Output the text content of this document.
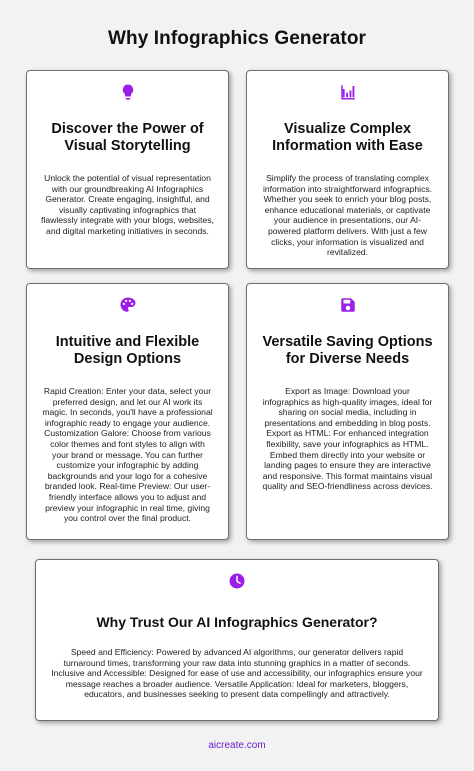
Why Infographics Generator
Discover the Power of Visual Storytelling

Unlock the potential of visual representation with our groundbreaking AI Infographics Generator. Create engaging, insightful, and visually captivating infographics that flawlessly integrate with your blogs, websites, and digital marketing initiatives in seconds.

Visualize Complex Information with Ease

Simplify the process of translating complex information into straightforward infographics. Whether you seek to enrich your blog posts, enhance educational materials, or captivate your audience in presentations, our AI-powered platform delivers. With just a few clicks, your information is visualized and revitalized.

Intuitive and Flexible Design Options

Rapid Creation: Enter your data, select your preferred design, and let our AI work its magic. In seconds, you'll have a professional infographic ready to engage your audience. Customization Galore: Choose from various color themes and font styles to align with your brand or message. You can further customize your infographic by adding backgrounds and your logo for a cohesive branded look. Real-time Preview: Our user-friendly interface allows you to adjust and preview your infographic in real time, giving you control over the final product.

Versatile Saving Options for Diverse Needs

Export as Image: Download your infographics as high-quality images, ideal for sharing on social media, including in presentations and embedding in blog posts. Export as HTML: For enhanced integration flexibility, save your infographics as HTML. Embed them directly into your website or landing pages to ensure they are interactive and responsive. This format maintains visual quality and SEO-friendliness across devices.

Why Trust Our AI Infographics Generator?

Speed and Efficiency: Powered by advanced AI algorithms, our generator delivers rapid turnaround times, transforming your raw data into stunning graphics in a matter of seconds. Inclusive and Accessible: Designed for ease of use and accessibility, our infographics ensure your message reaches a broader audience. Versatile Application: Ideal for marketers, bloggers, educators, and businesses seeking to present data compellingly and attractively.

aicreate.com
